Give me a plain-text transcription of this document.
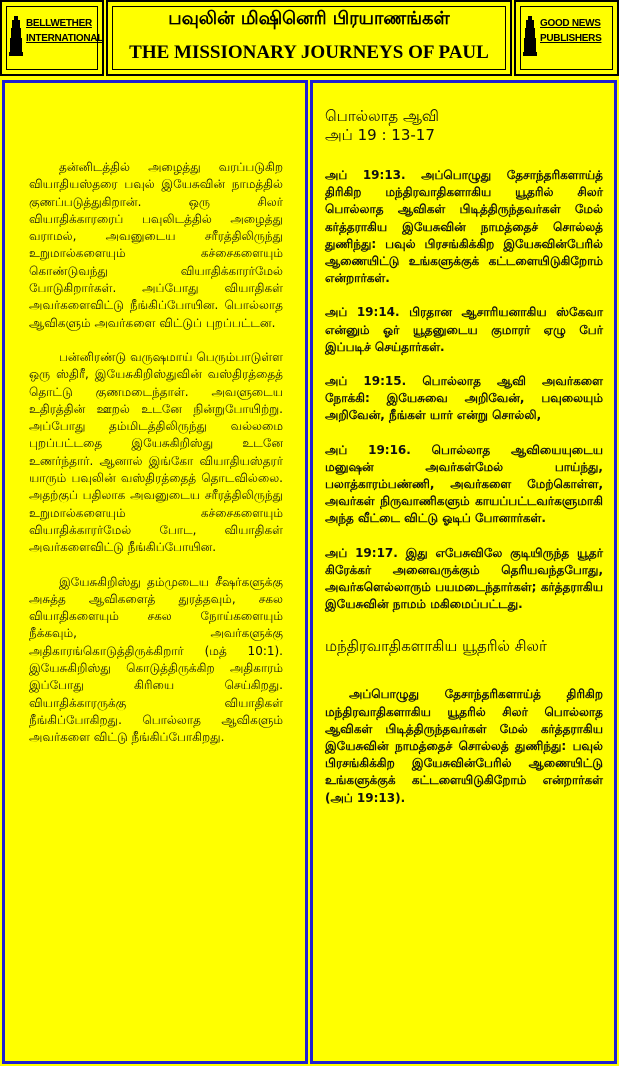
BELLWETHER
INTERNATIONAL
பவுலின் மிஷினெரி பிரயாணங்கள்
THE MISSIONARY JOURNEYS OF PAUL
GOOD NEWS
PUBLISHERS

தன்னிடத்தில் அழைத்து வரப்படுகிற வியாதியஸ்தரை பவுல் இயேசுவின் நாமத்தில் குணப்படுத்துகிறான். ஒரு சிலர் வியாதிக்காரரைப் பவுலிடத்தில் அழைத்து வராமல், அவனுடைய சரீரத்திலிருந்து உறுமால்களையும் கச்சைகளையும் கொண்டுவந்து வியாதிக்காரர்மேல் போடுகிறார்கள். அப்போது வியாதிகள் அவர்களைவிட்டு நீங்கிப்போயின. பொல்லாத ஆவிகளும் அவர்களை விட்டுப் புறப்பட்டன.

பன்னிரண்டு வருஷமாய் பெரும்பாடுள்ள ஒரு ஸ்திரீ, இயேசுகிறிஸ்துவின் வஸ்திரத்தைத் தொட்டு குணமடைந்தாள். அவளுடைய உதிரத்தின் ஊறல் உடனே நின்றுபோயிற்று. அப்போது தம்மிடத்திலிருந்து வல்லமை புறப்பட்டதை இயேசுகிறிஸ்து உடனே உணர்ந்தார். ஆனால் இங்கோ வியாதியஸ்தரர் யாரும் பவுலின் வஸ்திரத்தைத் தொடவில்லை. அதற்குப் பதிலாக அவனுடைய சரீரத்திலிருந்து உறுமால்களையும் கச்சைகளையும் வியாதிக்காரர்மேல் போட, வியாதிகள் அவர்களைவிட்டு நீங்கிப்போயின.

இயேசுகிறிஸ்து தம்முடைய சீஷர்களுக்கு அசுத்த ஆவிகளைத் துரத்தவும், சகல வியாதிகளையும் சகல நோய்களையும் நீக்கவும், அவர்களுக்கு அதிகாரங்கொடுத்திருக்கிறார் (மத் 10:1). இயேசுகிறிஸ்து கொடுத்திருக்கிற அதிகாரம் இப்போது கிரியை செய்கிறது. வியாதிக்காரருக்கு வியாதிகள் நீங்கிப்போகிறது. பொல்லாத ஆவிகளும் அவர்களை விட்டு நீங்கிப்போகிறது.

பொல்லாத ஆவி
அப் 19 : 13-17

அப் 19:13. அப்பொழுது தேசாந்தரிகளாய்த் திரிகிற மந்திரவாதிகளாகிய யூதரில் சிலர் பொல்லாத ஆவிகள் பிடித்திருந்தவர்கள் மேல் கர்த்தராகிய இயேசுவின் நாமத்தைச் சொல்லத் துணிந்து: பவுல் பிரசங்கிக்கிற இயேசுவின்பேரில் ஆணையிட்டு உங்களுக்குக் கட்டளையிடுகிறோம் என்றார்கள்.

அப் 19:14. பிரதான ஆசாரியனாகிய ஸ்கேவா என்னும் ஓர் யூதனுடைய குமாரர் ஏழு பேர் இப்படிச் செய்தார்கள்.

அப் 19:15. பொல்லாத ஆவி அவர்களை நோக்கி: இயேசுவை அறிவேன், பவுலையும் அறிவேன், நீங்கள் யார் என்று சொல்லி,

அப் 19:16. பொல்லாத ஆவியையுடைய மனுஷன் அவர்கள்மேல் பாய்ந்து, பலாத்காரம்பண்ணி, அவர்களை மேற்கொள்ள, அவர்கள் நிருவாணிகளும் காயப்பட்டவர்களுமாகி அந்த வீட்டை விட்டு ஓடிப் போனார்கள்.

அப் 19:17. இது எபேசுவிலே குடியிருந்த யூதர் கிரேக்கர் அனைவருக்கும் தெரியவந்தபோது, அவர்களெல்லாரும் பயமடைந்தார்கள்; கர்த்தராகிய இயேசுவின் நாமம் மகிமைப்பட்டது.

மந்திரவாதிகளாகிய யூதரில் சிலர்

அப்பொழுது தேசாந்தரிகளாய்த் திரிகிற மந்திரவாதிகளாகிய யூதரில் சிலர் பொல்லாத ஆவிகள் பிடித்திருந்தவர்கள் மேல் கர்த்தராகிய இயேசுவின் நாமத்தைச் சொல்லத் துணிந்து: பவுல் பிரசங்கிக்கிற இயேசுவின்பேரில் ஆணையிட்டு உங்களுக்குக் கட்டளையிடுகிறோம் என்றார்கள் (அப் 19:13).
